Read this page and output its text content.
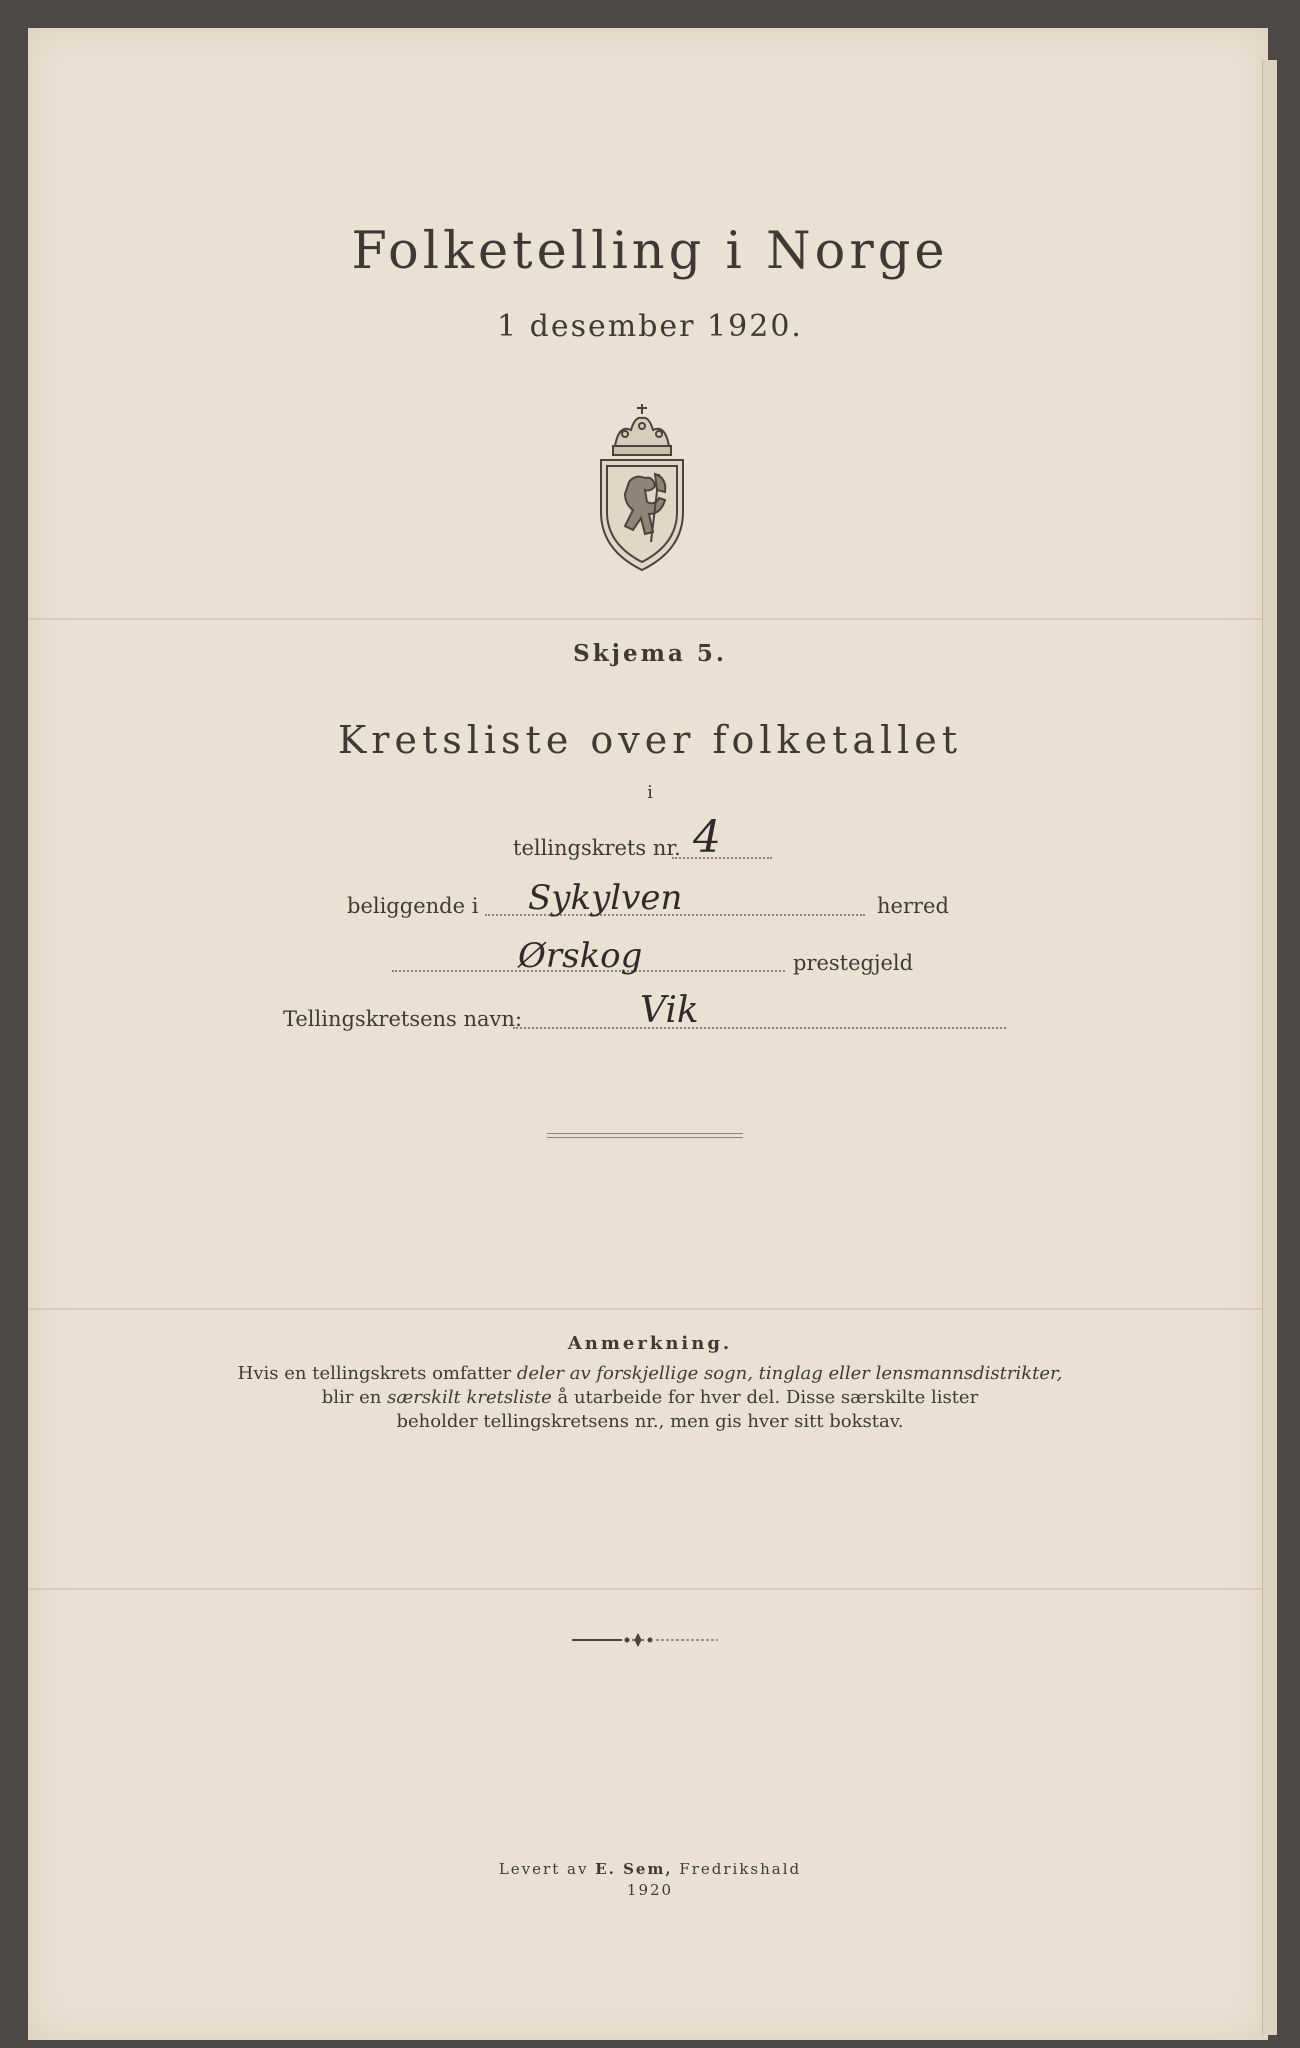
Folketelling i Norge
1 desember 1920.
Skjema 5.
Kretsliste over folketallet
i
tellingskrets nr. 4
beliggende i Sykylven	herred
Ørskog	prestegjeld
Tellingskretsens navn:	Vik
Anmerkning.
Hvis en tellingskrets omfatter deler av forskjellige sogn, tinglag eller lensmannsdistrikter,
blir en særskilt kretsliste å utarbeide for hver del. Disse særskilte lister
beholder tellingskretsens nr., men gis hver sitt bokstav.
Levert av E. Sem, Fredrikshald
1920
